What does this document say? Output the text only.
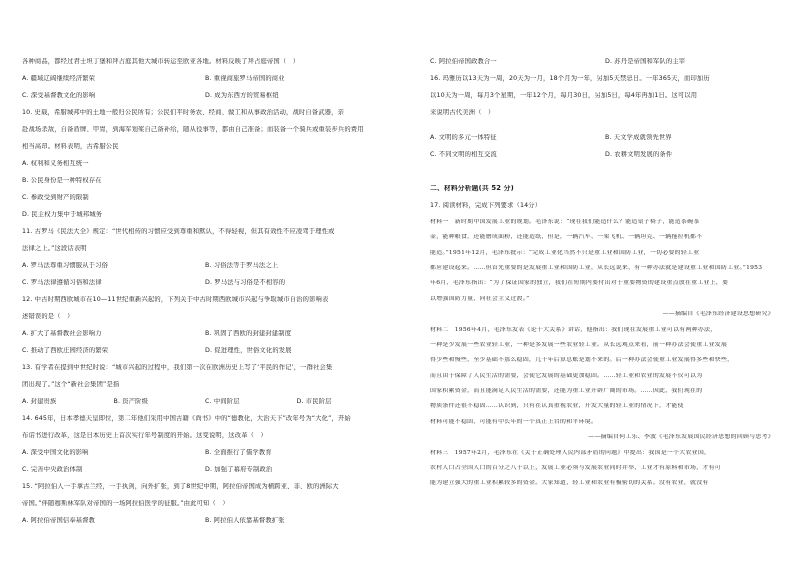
各种商品，都经过君士坦丁堡和拜占庭其他大城市转运至欧亚各地。材料反映了拜占庭帝国（　）
A. 疆域辽阔继续经济繁荣	B. 重视商旅罗马帝国的商业
C. 深受基督教文化的影响	D. 成为东西方的贸易枢纽
10. 史载，希腊城邦中的土地一般归公民所有；公民们平时务农、经商、做工和从事政治活动，战时自备武器，亲
赴战场杀敌，自备盾牌、甲胄，到海军划桨自己备补给，随从役事等，都由自己准备；而装备一个骑兵或重装步兵的费用
相当高昂。材料表明，古希腊公民
A. 权利和义务相互统一
B. 公民身份是一种特权存在
C. 参政受到财产的限制
D. 民主权力集中于城邦城务
11. 古罗马《民法大全》规定：“世代相传的习惯应受到尊重和默认，不得轻视，但其有效性不应凌驾于理性或
法律之上。”这段话表明
A. 罗马法尊重习惯服从于习俗	B. 习俗法等于罗马法之上
C. 罗马法律遵循习俗和法律	D. 罗马法与习俗是不相容的
12. 中古时期西欧城市在10—11世纪重新兴起的，下列关于中古时期西欧城市兴起与争取城市自治的影响表
述错误的是（　）
A. 扩大了基督教社会影响力	B. 巩固了西欧的封建封建制度
C. 推动了西欧庄园经济的繁荣	D. 促进理性，世俗文化的发展
13. 有学者在提到中世纪时说：“城市兴起的过程中，我们第一次在欧洲历史上写了‘平民的作记’，一群社会集
团出现了。”这个“新社会集团”是指
A. 封建贵族	B. 资产阶级	C. 中间阶层	D. 市民阶层
14. 645年，日本孝德天皇即位，第二年他们采用中国古籍《尚书》中的“德教化，大治天下”改年号为“大化”，开始
布诏书进行改革，这是日本历史上首次实行年号制度的开始。这变说明，这改革（　）
A. 深受中国文化的影响	B. 全面推行了儒学教育
C. 完善中央政治体制	D. 加强了幕府专制政治
15. “阿拉伯人一手拿古兰经，一手执剑，向外扩张，到了8世纪中期，阿拉伯帝国成为横跨亚、非、欧的洲际大
帝国。”伴随穆斯林军队对帝国的一场阿拉伯医学的征服。”由此可知（　）
A. 阿拉伯帝国信奉基督教	B. 阿拉伯人依靠基督教扩张
C. 阿拉伯帝国政教合一	D. 苏丹是帝国和军队的主宰
16. 玛雅历以13天为一周，20天为一月，18个月为一年，另加5天禁忌日。一年365天，而印加历
以10天为一周，每月3个星期，一年12个月，每月30日，另加5日，每4年再加1日。这可以用
来说明古代美洲（　）
A. 文明的多元一体特征	B. 天文学成就领先世界
C. 不同文明的相互交流	D. 农耕文明发展的条件
二、材料分析题(共 52 分)
17. 阅读材料，完成下列要求（14分）
材料一　新时期中国发展工业的规划。毛泽东说：“现在我们能造什么？能造桌子椅子，能造茶碗茶
壶，能种粮食，还能磨成面粉，还能造纸，但是，一辆汽车、一架飞机、一辆坦克、一辆拖拉机都不
能造。”1951年12月，毛泽东批示：“完成工业化当然不只是重工业和国防工业，一切必要的轻工业
都应建设起来。……但首先重要的是发展重工业和国防工业，从长远说来，有一种办法就是建设重工业和国防工业。”1953
年6月，毛泽东指出：“为了保证国家的独立，我们在短期内要付出对于重要物资的建设重点放在重工业上，要
以增强国防力量，向社会主义过渡。”
——摘编自《毛泽东经济建设思想研究》
材料二　1956年4月，毛泽东发表《论十大关系》讲话，他指出：我们现在发展重工业可以有两种办法，
一种是少发展一些农业轻工业，一种是多发展一些农业轻工业。从长远观点来看，前一种办法会使重工业发展
得少些和慢些，至少基础不那么稳固，几十年后算总账是划不来的。后一种办法会使重工业发展得多些和快些，
而且由于保障了人民生活的需要，会使它发展的基础更加稳固。……轻工业和农业的发展不仅可以为
国家积累资金，而且能满足人民生活的需要，还能为重工业开辟广阔的市场。……因此，我们现在的
物质条件还很不稳固……认识到，只有在认真重视农业，开发大量的轻工业的情况下，才能使
材料可能不稳固，可能有中长年的一个真正上台的和平环境。
——摘编自何工乐、李波《毛泽东发展国民经济思想的回顾与思考》
材料三　1957年2月，毛泽东在《关于正确处理人民内部矛盾的问题》中提出：我国是一个大农业国，
农村人口占全国人口的百分之八十以上，发展工业必须与发展农业同时并举，工业才有原料和市场，才有可
能为建立强大的重工业积累较多的资金。大家知道，轻工业和农业有极密切的关系。没有农业，就没有
